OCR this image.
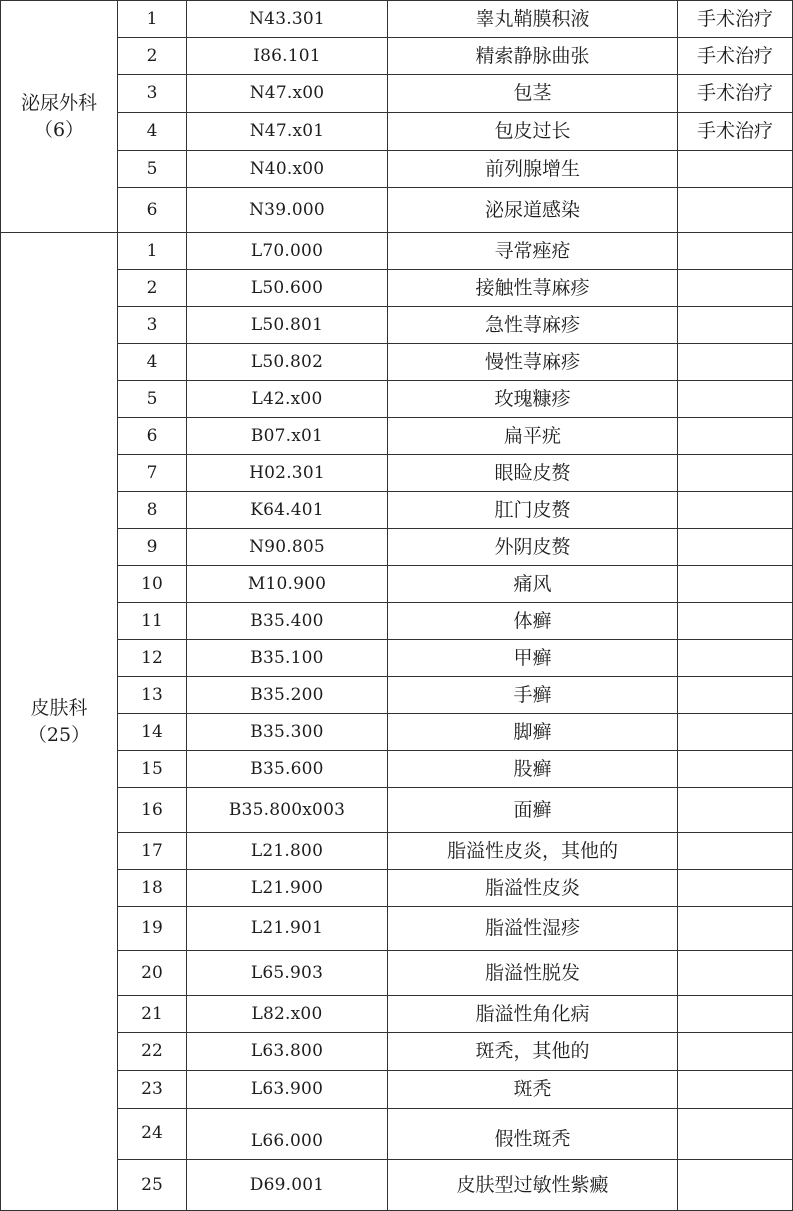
泌尿外科
（6）	1	N43.301	睾丸鞘膜积液	手术治疗
	2	I86.101	精索静脉曲张	手术治疗
	3	N47.x00	包茎	手术治疗
	4	N47.x01	包皮过长	手术治疗
	5	N40.x00	前列腺增生	
	6	N39.000	泌尿道感染	
皮肤科
（25）	1	L70.000	寻常痤疮	
	2	L50.600	接触性荨麻疹	
	3	L50.801	急性荨麻疹	
	4	L50.802	慢性荨麻疹	
	5	L42.x00	玫瑰糠疹	
	6	B07.x01	扁平疣	
	7	H02.301	眼睑皮赘	
	8	K64.401	肛门皮赘	
	9	N90.805	外阴皮赘	
	10	M10.900	痛风	
	11	B35.400	体癣	
	12	B35.100	甲癣	
	13	B35.200	手癣	
	14	B35.300	脚癣	
	15	B35.600	股癣	
	16	B35.800x003	面癣	
	17	L21.800	脂溢性皮炎，其他的	
	18	L21.900	脂溢性皮炎	
	19	L21.901	脂溢性湿疹	
	20	L65.903	脂溢性脱发	
	21	L82.x00	脂溢性角化病	
	22	L63.800	斑秃，其他的	
	23	L63.900	斑秃	
	24	L66.000	假性斑秃	
	25	D69.001	皮肤型过敏性紫癜	
